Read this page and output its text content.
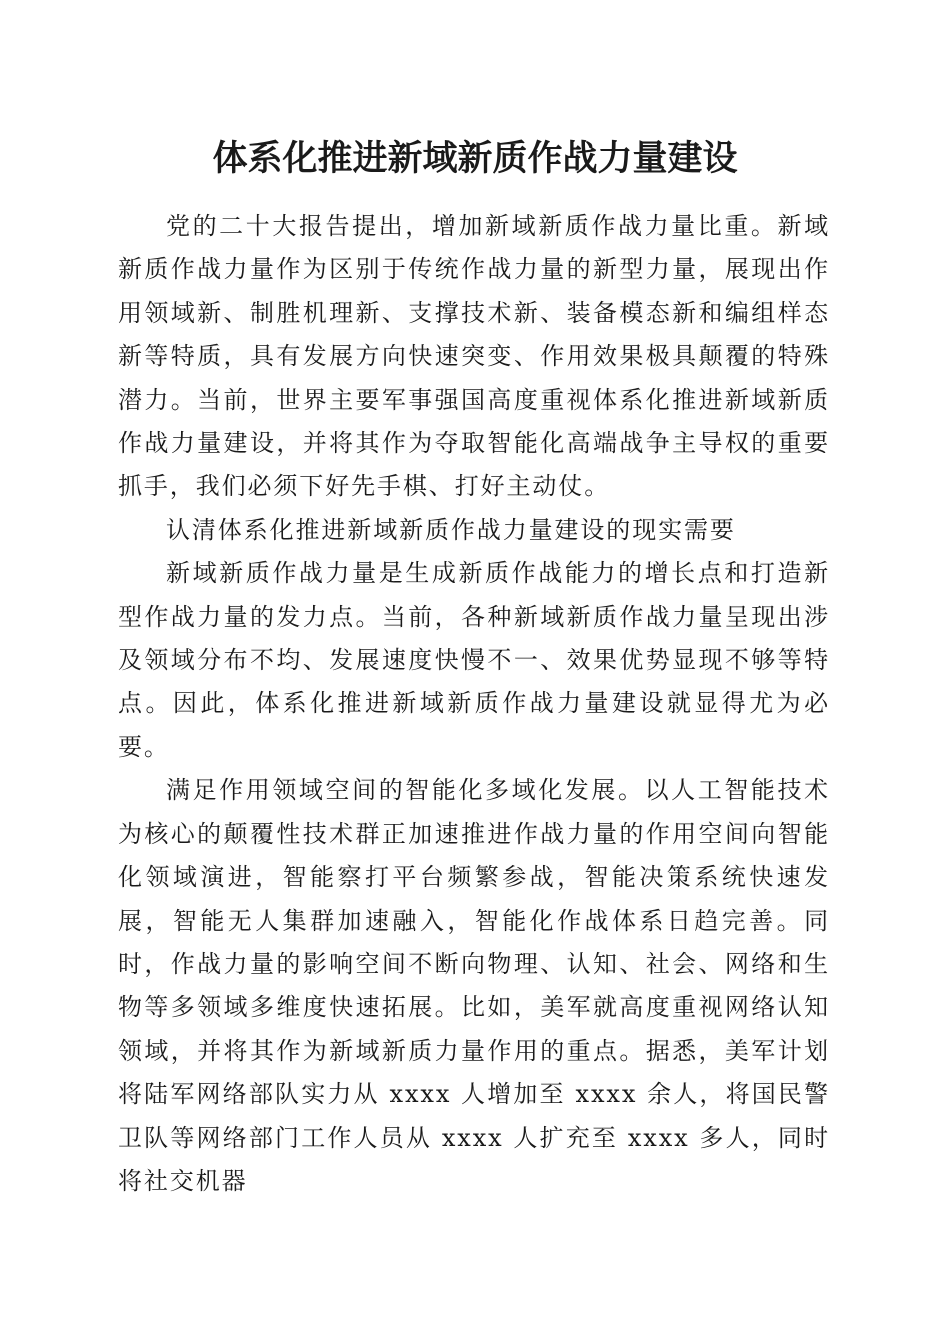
体系化推进新域新质作战力量建设

党的二十大报告提出，增加新域新质作战力量比重。新域新质作战力量作为区别于传统作战力量的新型力量，展现出作用领域新、制胜机理新、支撑技术新、装备模态新和编组样态新等特质，具有发展方向快速突变、作用效果极具颠覆的特殊潜力。当前，世界主要军事强国高度重视体系化推进新域新质作战力量建设，并将其作为夺取智能化高端战争主导权的重要抓手，我们必须下好先手棋、打好主动仗。

认清体系化推进新域新质作战力量建设的现实需要

新域新质作战力量是生成新质作战能力的增长点和打造新型作战力量的发力点。当前，各种新域新质作战力量呈现出涉及领域分布不均、发展速度快慢不一、效果优势显现不够等特点。因此，体系化推进新域新质作战力量建设就显得尤为必要。

满足作用领域空间的智能化多域化发展。以人工智能技术为核心的颠覆性技术群正加速推进作战力量的作用空间向智能化领域演进，智能察打平台频繁参战，智能决策系统快速发展，智能无人集群加速融入，智能化作战体系日趋完善。同时，作战力量的影响空间不断向物理、认知、社会、网络和生物等多领域多维度快速拓展。比如，美军就高度重视网络认知领域，并将其作为新域新质力量作用的重点。据悉，美军计划将陆军网络部队实力从 xxxx 人增加至 xxxx 余人，将国民警卫队等网络部门工作人员从 xxxx 人扩充至 xxxx 多人，同时将社交机器
